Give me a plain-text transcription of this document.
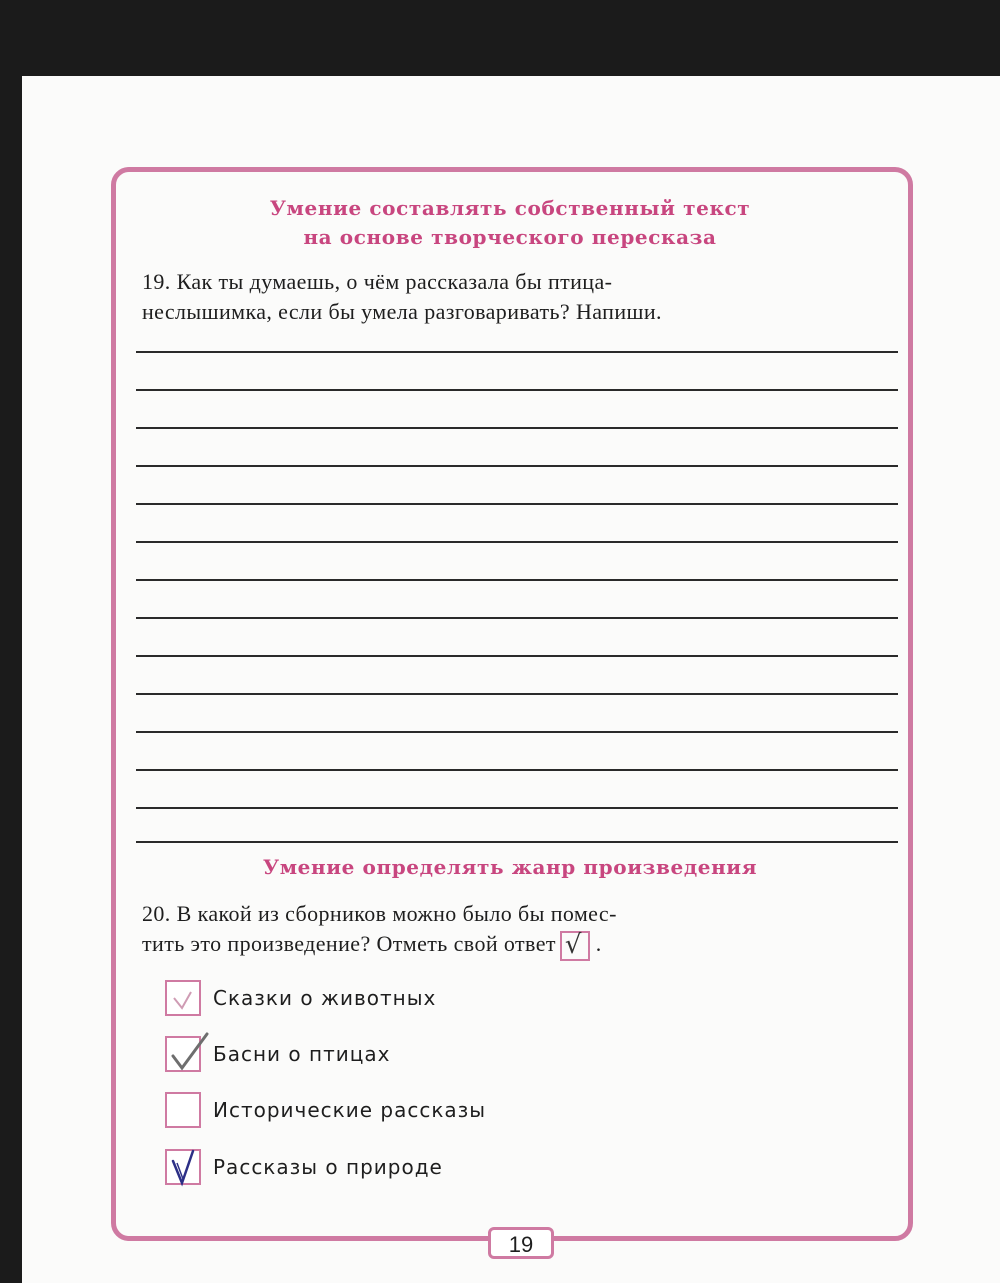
Умение составлять собственный текст
на основе творческого пересказа
19. Как ты думаешь, о чём рассказала бы птица-
неслышимка, если бы умела разговаривать? Напиши.
Умение определять жанр произведения
20. В какой из сборников можно было бы помес-
тить это произведение? Отметь свой ответ √ .
Сказки о животных
Басни о птицах
Исторические рассказы
Рассказы о природе
19
